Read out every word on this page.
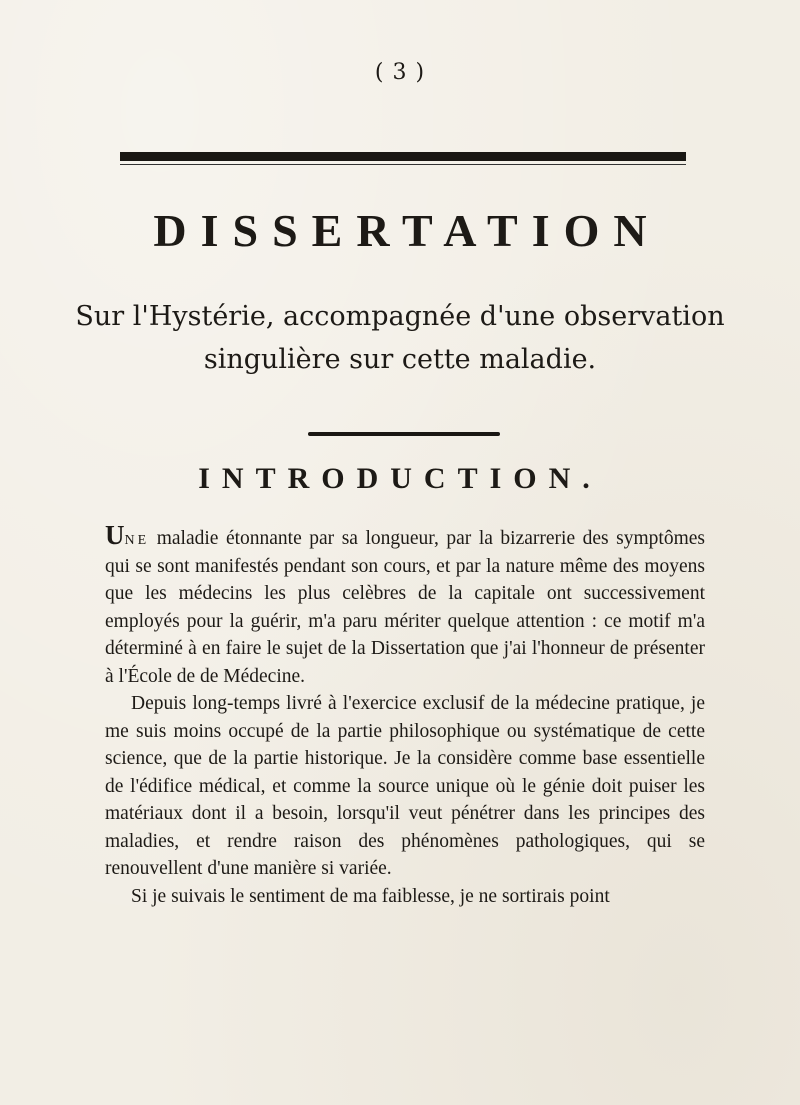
( 3 )
DISSERTATION
Sur l'Hystérie, accompagnée d'une observation
singulière sur cette maladie.
INTRODUCTION.

Une maladie étonnante par sa longueur, par la bizarrerie des symptômes qui se sont manifestés pendant son cours, et par la nature même des moyens que les médecins les plus celèbres de la capitale ont successivement employés pour la guérir, m'a paru mériter quelque attention : ce motif m'a déterminé à en faire le sujet de la Dissertation que j'ai l'honneur de présenter à l'École de de Médecine.

Depuis long-temps livré à l'exercice exclusif de la médecine pratique, je me suis moins occupé de la partie philosophique ou systématique de cette science, que de la partie historique. Je la considère comme base essentielle de l'édifice médical, et comme la source unique où le génie doit puiser les matériaux dont il a besoin, lorsqu'il veut pénétrer dans les principes des maladies, et rendre raison des phénomènes pathologiques, qui se renouvellent d'une manière si variée.

Si je suivais le sentiment de ma faiblesse, je ne sortirais point
